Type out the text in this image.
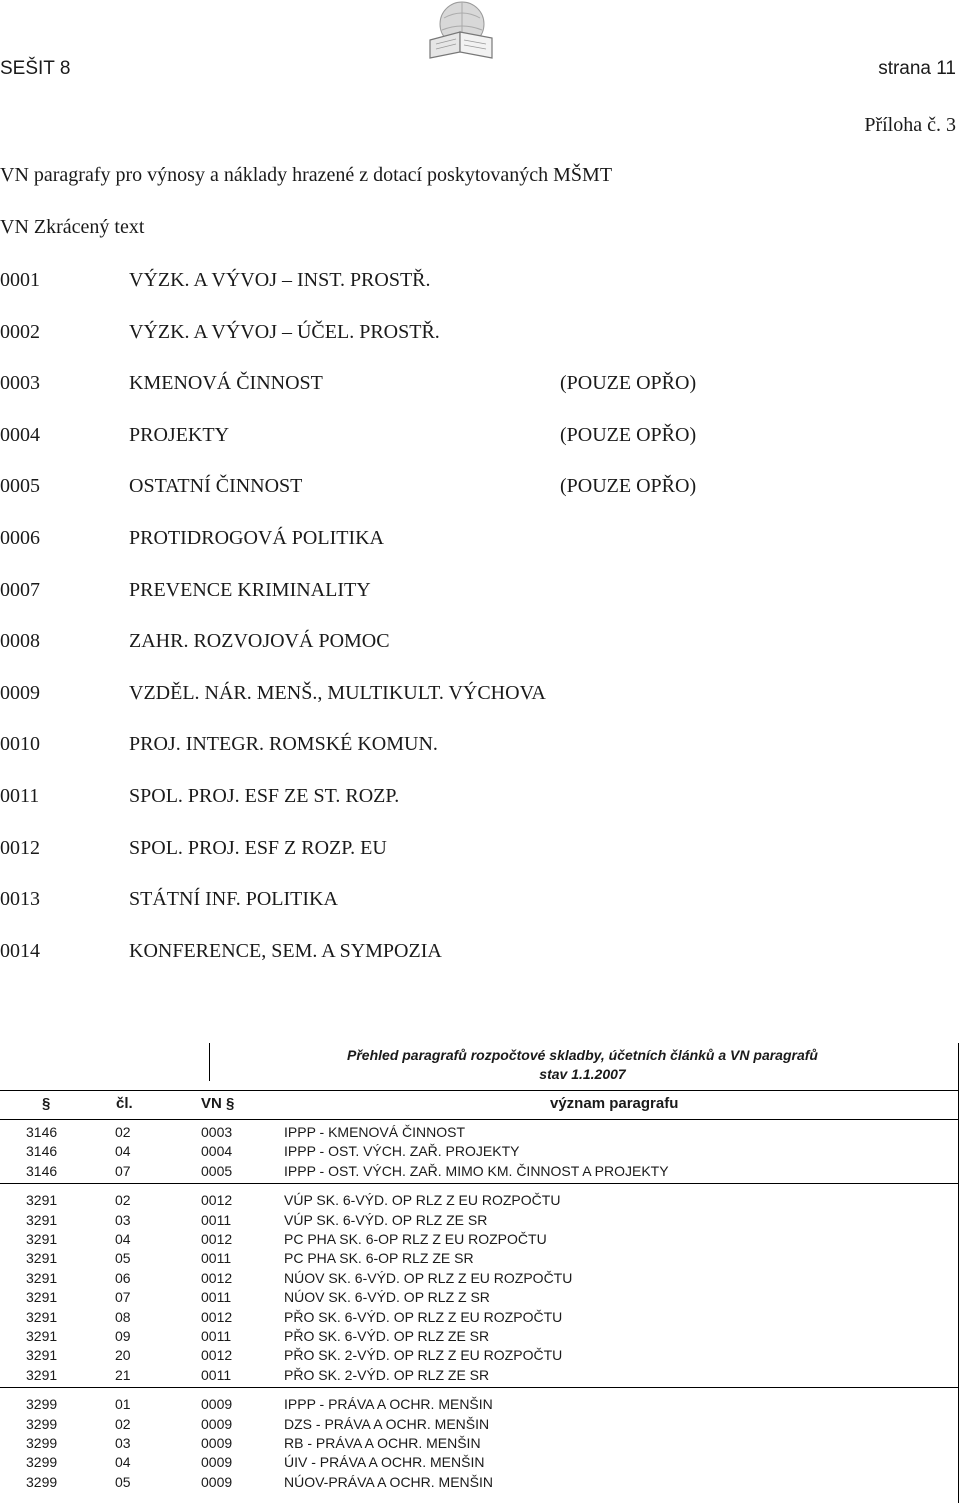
SEŠIT 8	strana 11
Příloha č. 3
VN paragrafy pro výnosy a náklady hrazené z dotací poskytovaných MŠMT
VN Zkrácený text
0001	VÝZK. A VÝVOJ – INST. PROSTŘ.
0002	VÝZK. A VÝVOJ – ÚČEL. PROSTŘ.
0003	KMENOVÁ ČINNOST	(POUZE OPŘO)
0004	PROJEKTY	(POUZE OPŘO)
0005	OSTATNÍ ČINNOST	(POUZE OPŘO)
0006	PROTIDROGOVÁ POLITIKA
0007	PREVENCE KRIMINALITY
0008	ZAHR. ROZVOJOVÁ POMOC
0009	VZDĚL. NÁR. MENŠ., MULTIKULT. VÝCHOVA
0010	PROJ. INTEGR. ROMSKÉ KOMUN.
0011	SPOL. PROJ. ESF ZE ST. ROZP.
0012	SPOL. PROJ. ESF Z ROZP. EU
0013	STÁTNÍ INF. POLITIKA
0014	KONFERENCE, SEM. A SYMPOZIA
Přehled paragrafů rozpočtové skladby, účetních článků a VN paragrafů
stav 1.1.2007
§	čl.	VN §	význam paragrafu
3146	02	0003	IPPP - KMENOVÁ ČINNOST
3146	04	0004	IPPP - OST. VÝCH. ZAŘ. PROJEKTY
3146	07	0005	IPPP - OST. VÝCH. ZAŘ. MIMO KM. ČINNOST A PROJEKTY
3291	02	0012	VÚP SK. 6-VÝD. OP RLZ Z EU ROZPOČTU
3291	03	0011	VÚP SK. 6-VÝD. OP RLZ ZE SR
3291	04	0012	PC PHA SK. 6-OP RLZ Z EU ROZPOČTU
3291	05	0011	PC PHA SK. 6-OP RLZ ZE SR
3291	06	0012	NÚOV SK. 6-VÝD. OP RLZ Z EU ROZPOČTU
3291	07	0011	NÚOV SK. 6-VÝD. OP RLZ Z SR
3291	08	0012	PŘO SK. 6-VÝD. OP RLZ Z EU ROZPOČTU
3291	09	0011	PŘO SK. 6-VÝD. OP RLZ ZE SR
3291	20	0012	PŘO SK. 2-VÝD. OP RLZ Z EU ROZPOČTU
3291	21	0011	PŘO SK. 2-VÝD. OP RLZ ZE SR
3299	01	0009	IPPP - PRÁVA A OCHR. MENŠIN
3299	02	0009	DZS - PRÁVA A OCHR. MENŠIN
3299	03	0009	RB - PRÁVA A OCHR. MENŠIN
3299	04	0009	ÚIV - PRÁVA A OCHR. MENŠIN
3299	05	0009	NÚOV-PRÁVA A OCHR. MENŠIN
